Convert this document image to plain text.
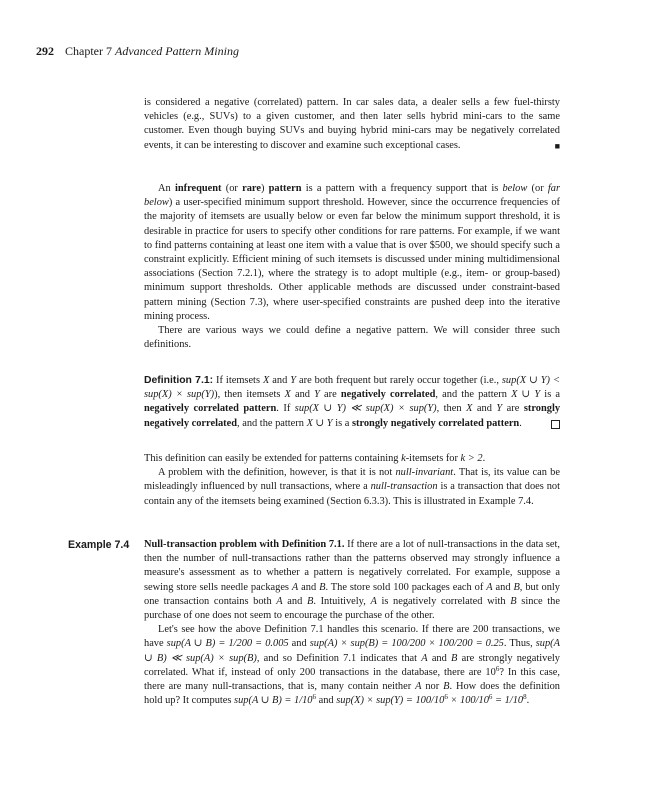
292 Chapter 7 Advanced Pattern Mining

is considered a negative (correlated) pattern. In car sales data, a dealer sells a few fuel-thirsty vehicles (e.g., SUVs) to a given customer, and then later sells hybrid mini-cars to the same customer. Even though buying SUVs and buying hybrid mini-cars may be negatively correlated events, it can be interesting to discover and examine such exceptional cases.	■

An infrequent (or rare) pattern is a pattern with a frequency support that is below (or far below) a user-specified minimum support threshold. However, since the occurrence frequencies of the majority of itemsets are usually below or even far below the minimum support threshold, it is desirable in practice for users to specify other conditions for rare patterns. For example, if we want to find patterns containing at least one item with a value that is over $500, we should specify such a constraint explicitly. Efficient mining of such itemsets is discussed under mining multidimensional associations (Section 7.2.1), where the strategy is to adopt multiple (e.g., item- or group-based) minimum support thresholds. Other applicable methods are discussed under constraint-based pattern mining (Section 7.3), where user-specified constraints are pushed deep into the iterative mining process.

There are various ways we could define a negative pattern. We will consider three such definitions.

Definition 7.1: If itemsets X and Y are both frequent but rarely occur together (i.e., sup(X ∪ Y) < sup(X) × sup(Y)), then itemsets X and Y are negatively correlated, and the pattern X ∪ Y is a negatively correlated pattern. If sup(X ∪ Y) ≪ sup(X) × sup(Y), then X and Y are strongly negatively correlated, and the pattern X ∪ Y is a strongly negatively correlated pattern.

This definition can easily be extended for patterns containing k-itemsets for k > 2.

A problem with the definition, however, is that it is not null-invariant. That is, its value can be misleadingly influenced by null transactions, where a null-transaction is a transaction that does not contain any of the itemsets being examined (Section 6.3.3). This is illustrated in Example 7.4.

Example 7.4 Null-transaction problem with Definition 7.1. If there are a lot of null-transactions in the data set, then the number of null-transactions rather than the patterns observed may strongly influence a measure's assessment as to whether a pattern is negatively correlated. For example, suppose a sewing store sells needle packages A and B. The store sold 100 packages each of A and B, but only one transaction contains both A and B. Intuitively, A is negatively correlated with B since the purchase of one does not seem to encourage the purchase of the other.

Let's see how the above Definition 7.1 handles this scenario. If there are 200 transactions, we have sup(A ∪ B) = 1/200 = 0.005 and sup(A) × sup(B) = 100/200 × 100/200 = 0.25. Thus, sup(A ∪ B) ≪ sup(A) × sup(B), and so Definition 7.1 indicates that A and B are strongly negatively correlated. What if, instead of only 200 transactions in the database, there are $10^6$? In this case, there are many null-transactions, that is, many contain neither A nor B. How does the definition hold up? It computes sup(A ∪ $B) = 1/10^6$ and $sup(X) \times sup(Y) = 100/10^6 \times 100/10^6 = 1/10^8$.
